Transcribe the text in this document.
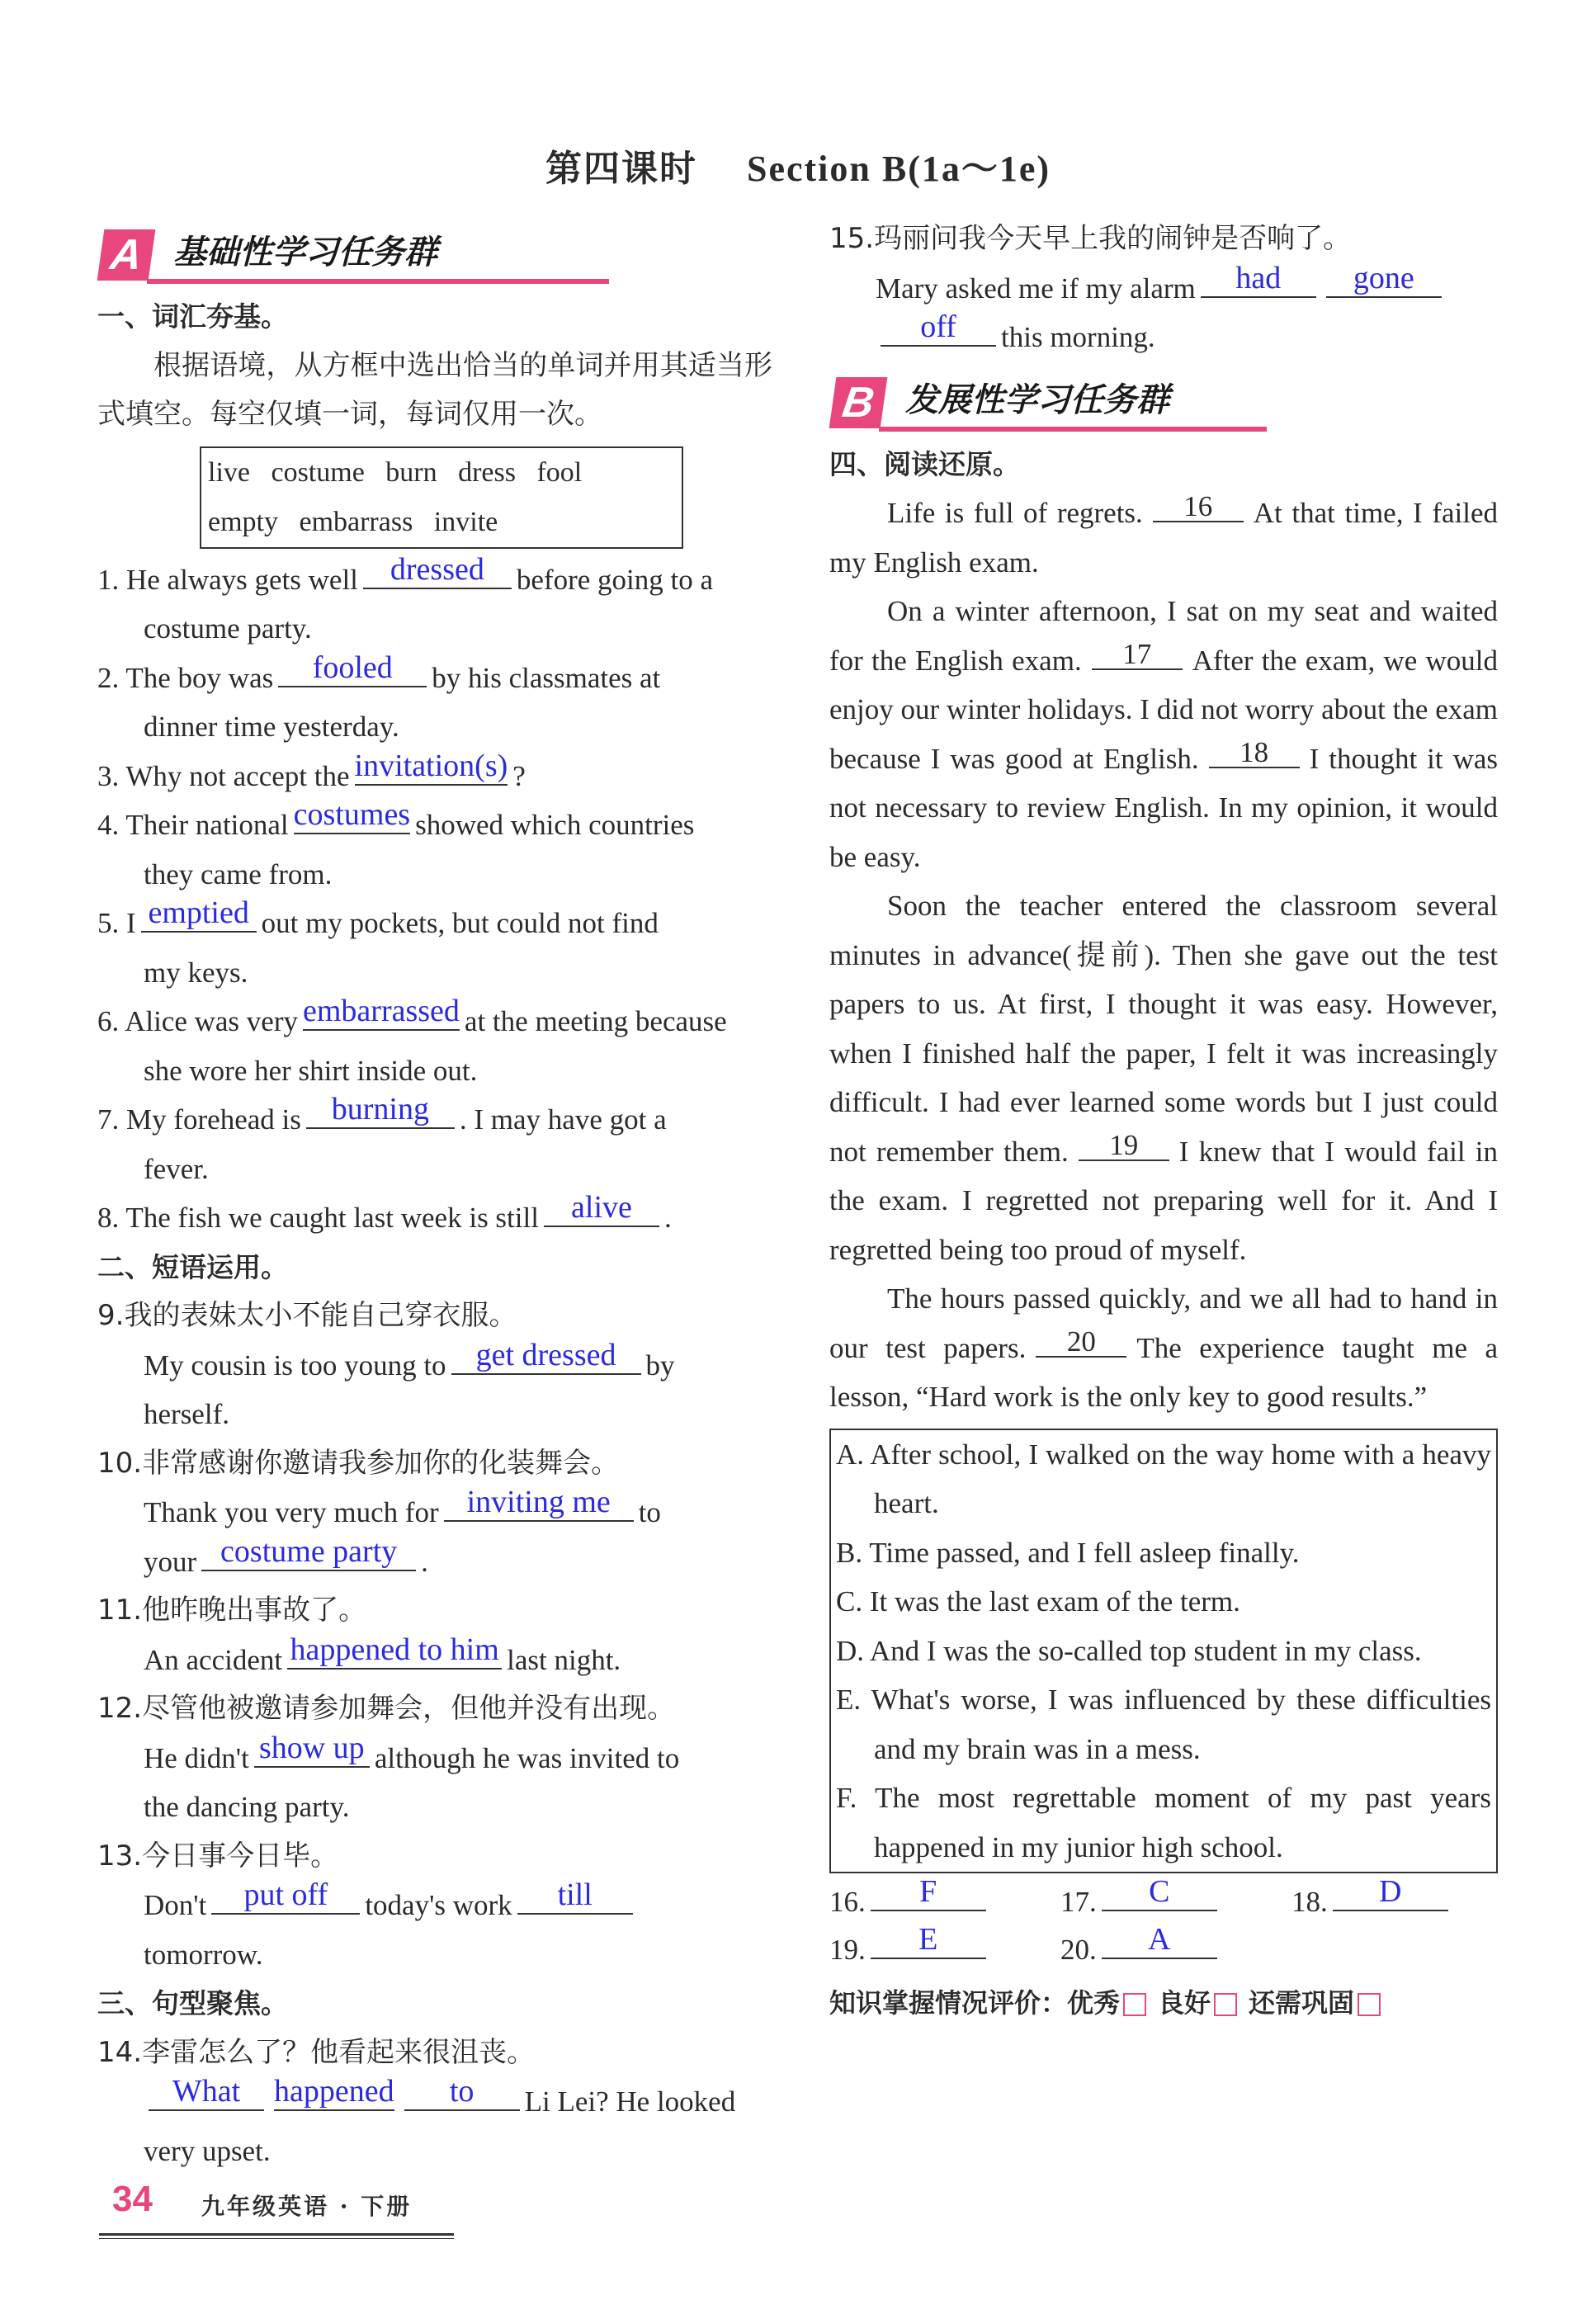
第四课时 Section B(1a～1e)
A 基础性学习任务群
一、词汇夯基。
根据语境，从方框中选出恰当的单词并用其适当形式填空。每空仅填一词，每词仅用一次。
live   costume   burn   dress   fool
empty   embarrass   invite
1. He always gets well dressed before going to a
costume party.
2. The boy was fooled by his classmates at
dinner time yesterday.
3. Why not accept the invitation(s) ?
4. Their national costumes showed which countries
they came from.
5. I emptied out my pockets, but could not find
my keys.
6. Alice was very embarrassed at the meeting because
she wore her shirt inside out.
7. My forehead is burning . I may have got a
fever.
8. The fish we caught last week is still alive .
二、短语运用。
9.我的表妹太小不能自己穿衣服。
My cousin is too young to get dressed by
herself.
10.非常感谢你邀请我参加你的化装舞会。
Thank you very much for inviting me to
your costume party .
11.他昨晚出事故了。
An accident happened to him last night.
12.尽管他被邀请参加舞会，但他并没有出现。
He didn't show up although he was invited to
the dancing party.
13.今日事今日毕。
Don't put off today's work till
tomorrow.
三、句型聚焦。
14.李雷怎么了？他看起来很沮丧。
What happened to Li Lei? He looked
very upset.
15.玛丽问我今天早上我的闹钟是否响了。
Mary asked me if my alarm had gone
off this morning.
B 发展性学习任务群
四、阅读还原。
Life is full of regrets. 16 At that time, I failed my English exam.
On a winter afternoon, I sat on my seat and waited for the English exam. 17 After the exam, we would enjoy our winter holidays. I did not worry about the exam because I was good at English. 18 I thought it was not necessary to review English. In my opinion, it would be easy.
Soon the teacher entered the classroom several minutes in advance(提前). Then she gave out the test papers to us. At first, I thought it was easy. However, when I finished half the paper, I felt it was increasingly difficult. I had ever learned some words but I just could not remember them. 19 I knew that I would fail in the exam. I regretted not preparing well for it. And I regretted being too proud of myself.
The hours passed quickly, and we all had to hand in our test papers. 20 The experience taught me a lesson, “Hard work is the only key to good results.”
A. After school, I walked on the way home with a heavy heart.
B. Time passed, and I fell asleep finally.
C. It was the last exam of the term.
D. And I was the so-called top student in my class.
E. What's worse, I was influenced by these difficulties and my brain was in a mess.
F. The most regrettable moment of my past years happened in my junior high school.
16. F	17. C	18. D
19. E	20. A
知识掌握情况评价：优秀 良好 还需巩固
34 九年级英语 · 下册
